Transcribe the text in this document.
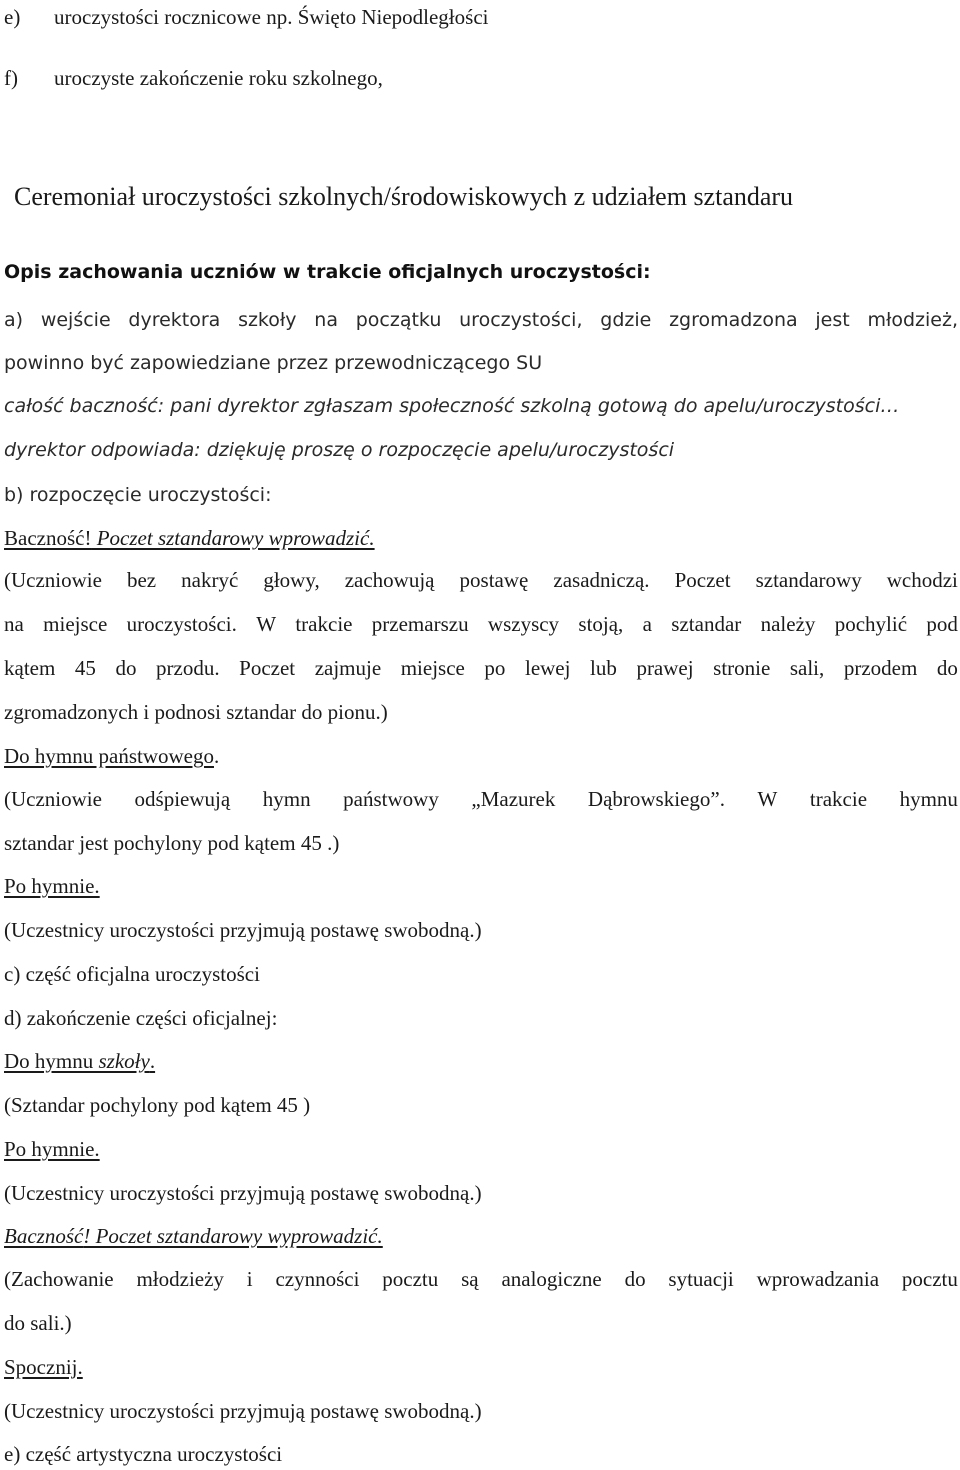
e) uroczystości rocznicowe np. Święto Niepodległości
f) uroczyste zakończenie roku szkolnego,
Ceremoniał uroczystości szkolnych/środowiskowych z udziałem sztandaru
Opis zachowania uczniów w trakcie oficjalnych uroczystości:
a) wejście dyrektora szkoły na początku uroczystości, gdzie zgromadzona jest młodzież,
powinno być zapowiedziane przez przewodniczącego SU
całość baczność: pani dyrektor zgłaszam społeczność szkolną gotową do apelu/uroczystości…
dyrektor odpowiada: dziękuję proszę o rozpoczęcie apelu/uroczystości
b) rozpoczęcie uroczystości:
Baczność! Poczet sztandarowy wprowadzić.
(Uczniowie bez nakryć głowy, zachowują postawę zasadniczą. Poczet sztandarowy wchodzi
na miejsce uroczystości. W trakcie przemarszu wszyscy stoją, a sztandar należy pochylić pod
kątem 45 do przodu. Poczet zajmuje miejsce po lewej lub prawej stronie sali, przodem do
zgromadzonych i podnosi sztandar do pionu.)
Do hymnu państwowego.
(Uczniowie odśpiewują hymn państwowy „Mazurek Dąbrowskiego”. W trakcie hymnu
sztandar jest pochylony pod kątem 45 .)
Po hymnie.
(Uczestnicy uroczystości przyjmują postawę swobodną.)
c) część oficjalna uroczystości
d) zakończenie części oficjalnej:
Do hymnu szkoły.
(Sztandar pochylony pod kątem 45 )
Po hymnie.
(Uczestnicy uroczystości przyjmują postawę swobodną.)
Baczność! Poczet sztandarowy wyprowadzić.
(Zachowanie młodzieży i czynności pocztu są analogiczne do sytuacji wprowadzania pocztu
do sali.)
Spocznij.
(Uczestnicy uroczystości przyjmują postawę swobodną.)
e) część artystyczna uroczystości
